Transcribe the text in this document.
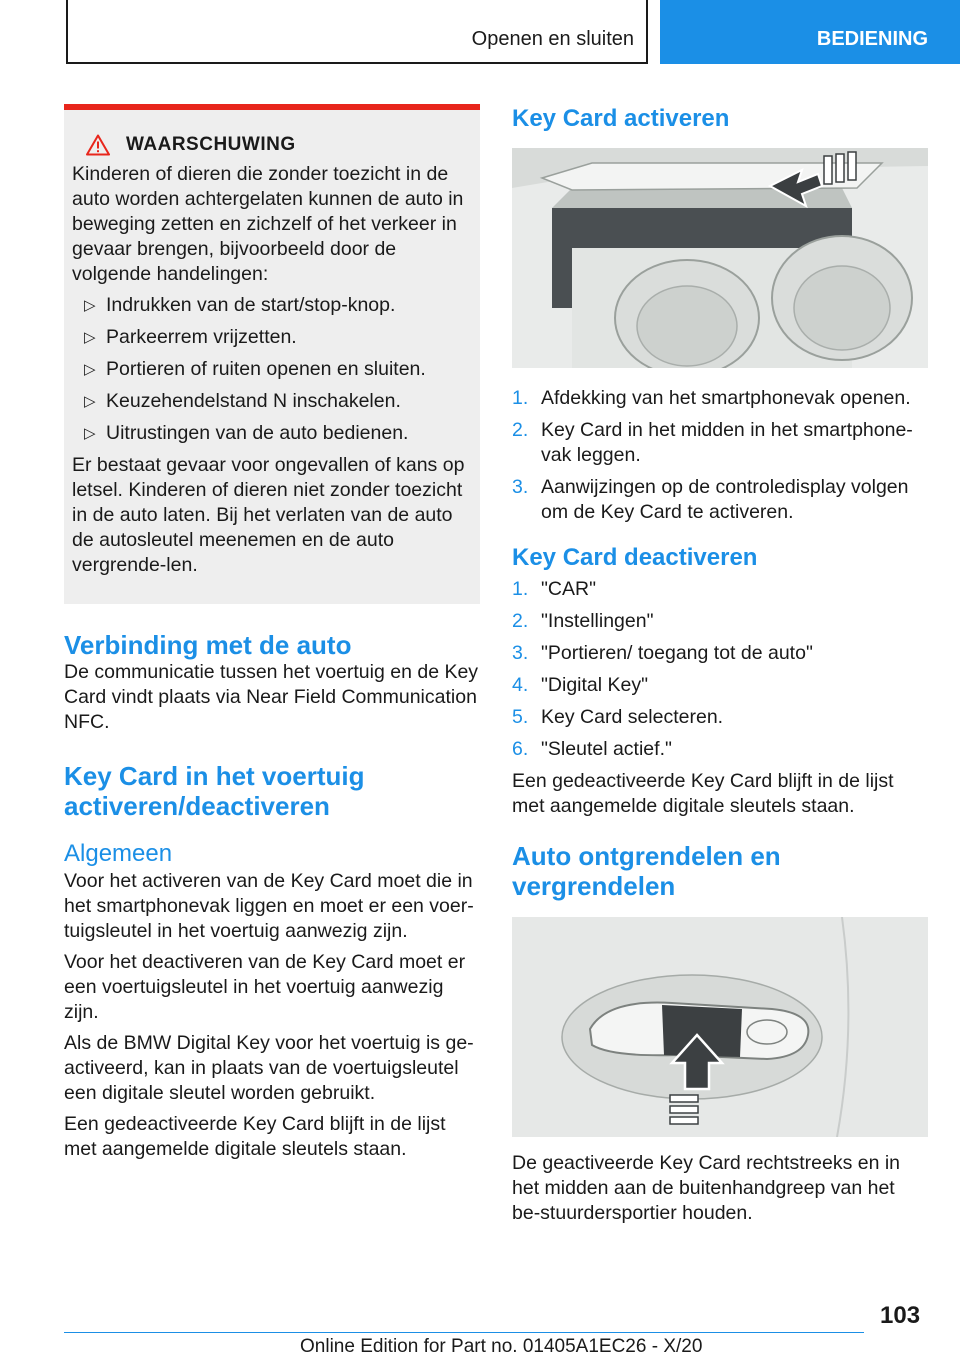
Openen en sluiten	BEDIENING
WAARSCHUWING

Kinderen of dieren die zonder toezicht in de auto worden achtergelaten kunnen de auto in beweging zetten en zichzelf of het verkeer in gevaar brengen, bijvoorbeeld door de volgende handelingen:

▷ Indrukken van de start/stop-knop.
▷ Parkeerrem vrijzetten.
▷ Portieren of ruiten openen en sluiten.
▷ Keuzehendelstand N inschakelen.
▷ Uitrustingen van de auto bedienen.

Er bestaat gevaar voor ongevallen of kans op letsel. Kinderen of dieren niet zonder toezicht in de auto laten. Bij het verlaten van de auto de autosleutel meenemen en de auto vergrende-len.

Verbinding met de auto

De communicatie tussen het voertuig en de Key Card vindt plaats via Near Field Communication NFC.

Key Card in het voertuig activeren/deactiveren
Algemeen

Voor het activeren van de Key Card moet die in het smartphonevak liggen en moet er een voer-tuigsleutel in het voertuig aanwezig zijn.

Voor het deactiveren van de Key Card moet er een voertuigsleutel in het voertuig aanwezig zijn.

Als de BMW Digital Key voor het voertuig is ge-activeerd, kan in plaats van de voertuigsleutel een digitale sleutel worden gebruikt.

Een gedeactiveerde Key Card blijft in de lijst met aangemelde digitale sleutels staan.

Key Card activeren
1. Afdekking van het smartphonevak openen.
2. Key Card in het midden in het smartphone-vak leggen.
3. Aanwijzingen op de controledisplay volgen om de Key Card te activeren.
Key Card deactiveren
1. "CAR"
2. "Instellingen"
3. "Portieren/ toegang tot de auto"
4. "Digital Key"
5. Key Card selecteren.
6. "Sleutel actief."

Een gedeactiveerde Key Card blijft in de lijst met aangemelde digitale sleutels staan.

Auto ontgrendelen en vergrendelen

De geactiveerde Key Card rechtstreeks en in het midden aan de buitenhandgreep van het be-stuurdersportier houden.

103
Online Edition for Part no. 01405A1EC26 - X/20
